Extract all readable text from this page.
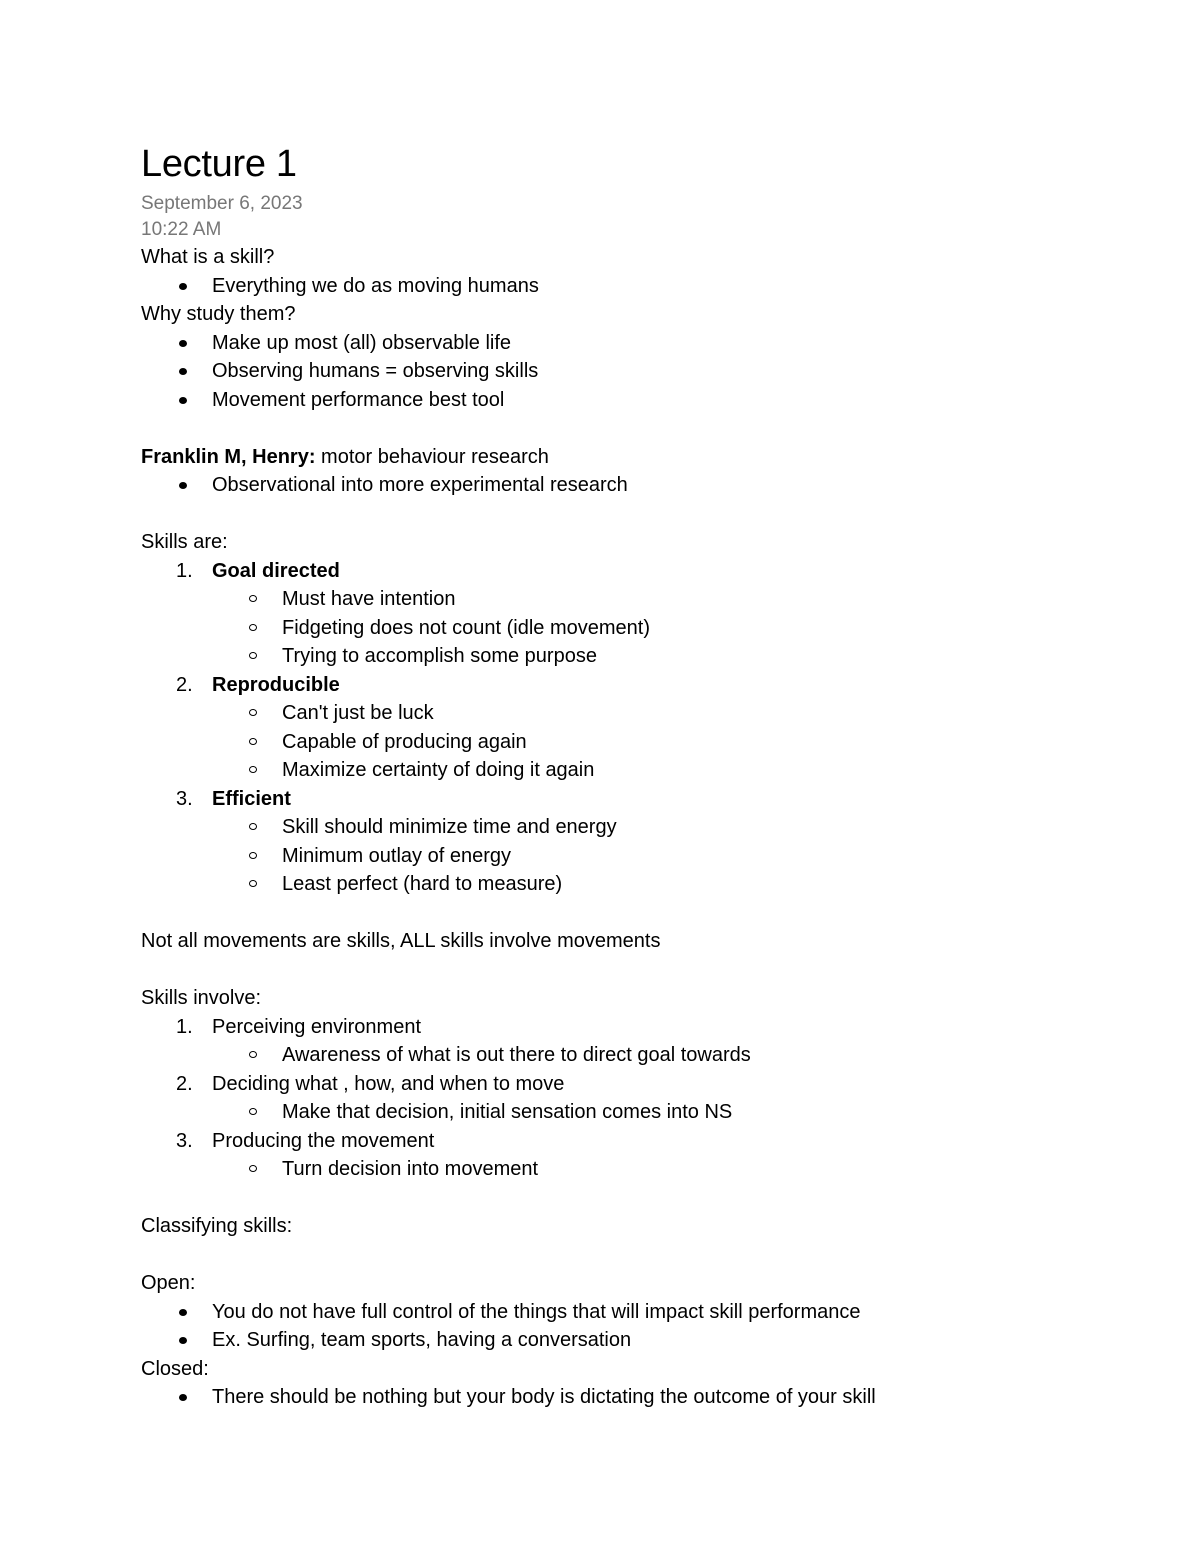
Lecture 1
September 6, 2023
10:22 AM
What is a skill?
Everything we do as moving humans
Why study them?
Make up most (all) observable life
Observing humans = observing skills
Movement performance best tool
Franklin M, Henry: motor behaviour research
Observational into more experimental research
Skills are:
1. Goal directed
Must have intention
Fidgeting does not count (idle movement)
Trying to accomplish some purpose
2. Reproducible
Can't just be luck
Capable of producing again
Maximize certainty of doing it again
3. Efficient
Skill should minimize time and energy
Minimum outlay of energy
Least perfect (hard to measure)
Not all movements are skills, ALL skills involve movements
Skills involve:
1. Perceiving environment
Awareness of what is out there to direct goal towards
2. Deciding what , how, and when to move
Make that decision, initial sensation comes into NS
3. Producing the movement
Turn decision into movement
Classifying skills:
Open:
You do not have full control of the things that will impact skill performance
Ex. Surfing, team sports, having a conversation
Closed:
There should be nothing but your body is dictating the outcome of your skill
